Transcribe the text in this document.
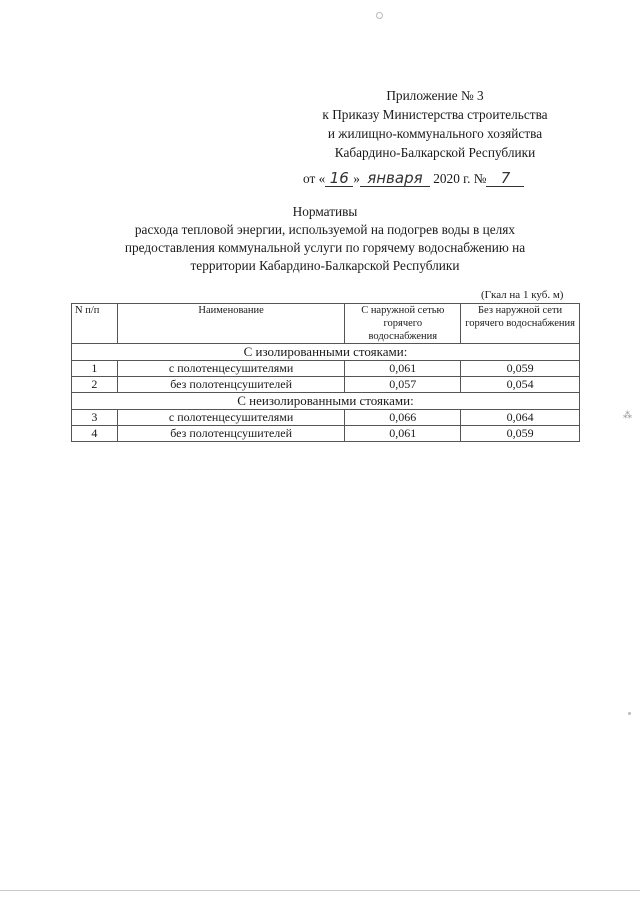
Приложение № 3
к Приказу Министерства строительства
и жилищно-коммунального хозяйства
Кабардино-Балкарской Республики
от « 16 » января 2020 г. № 7
Нормативы
расхода тепловой энергии, используемой на подогрев воды в целях
предоставления коммунальной услуги по горячему водоснабжению на
территории Кабардино-Балкарской Республики
(Гкал на 1 куб. м)
N п/п	Наименование	С наружной сетью горячего водоснабжения	Без наружной сети горячего водоснабжения
С изолированными стояками:			
1	с полотенцесушителями	0,061	0,059
2	без полотенцсушителей	0,057	0,054
С неизолированными стояками:			
3	с полотенцесушителями	0,066	0,064
4	без полотенцсушителей	0,061	0,059
⁂
